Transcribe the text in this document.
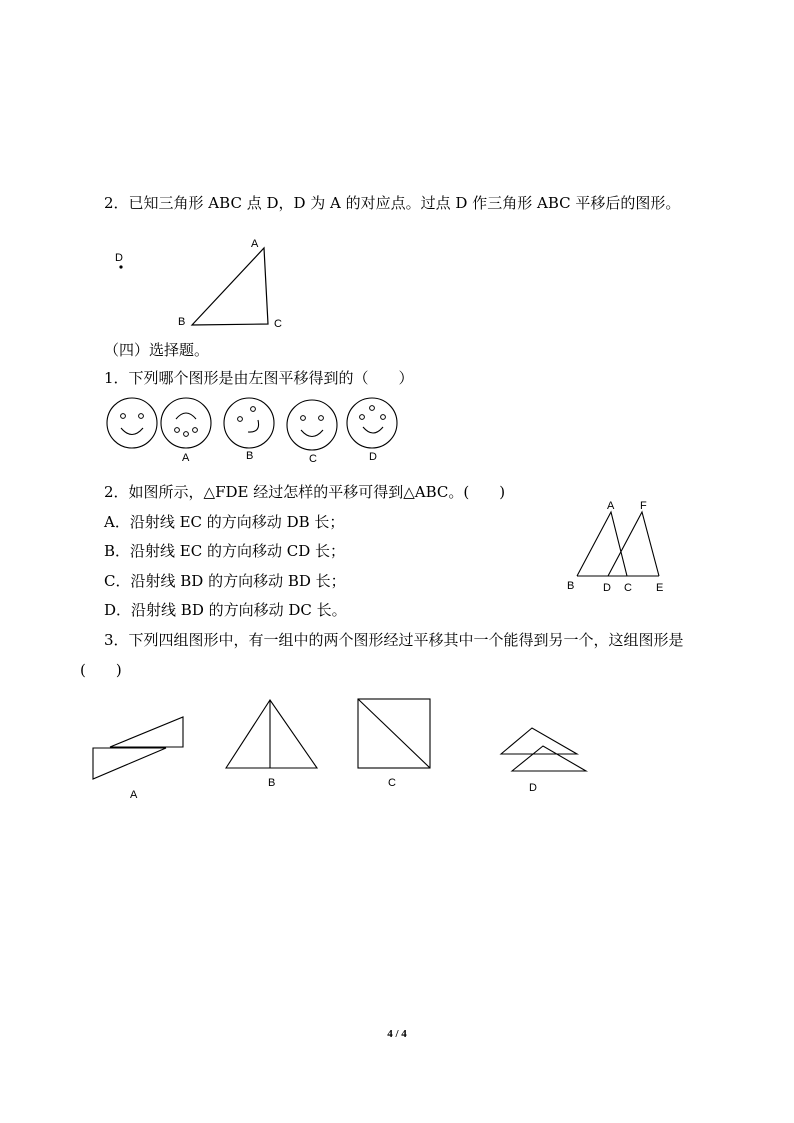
2．已知三角形 ABC 点 D，D 为 A 的对应点。过点 D 作三角形 ABC 平移后的图形。
D
A
B	C
（四）选择题。
1．下列哪个图形是由左图平移得到的（　　）
A	B	C	D
2．如图所示，△FDE 经过怎样的平移可得到△ABC。(　　)
A．沿射线 EC 的方向移动 DB 长；
B．沿射线 EC 的方向移动 CD 长；
C．沿射线 BD 的方向移动 BD 长；
D．沿射线 BD 的方向移动 DC 长。
A F
B	D C E
3．下列四组图形中，有一组中的两个图形经过平移其中一个能得到另一个，这组图形是
(　　)
A
B	C	D
4 / 4
